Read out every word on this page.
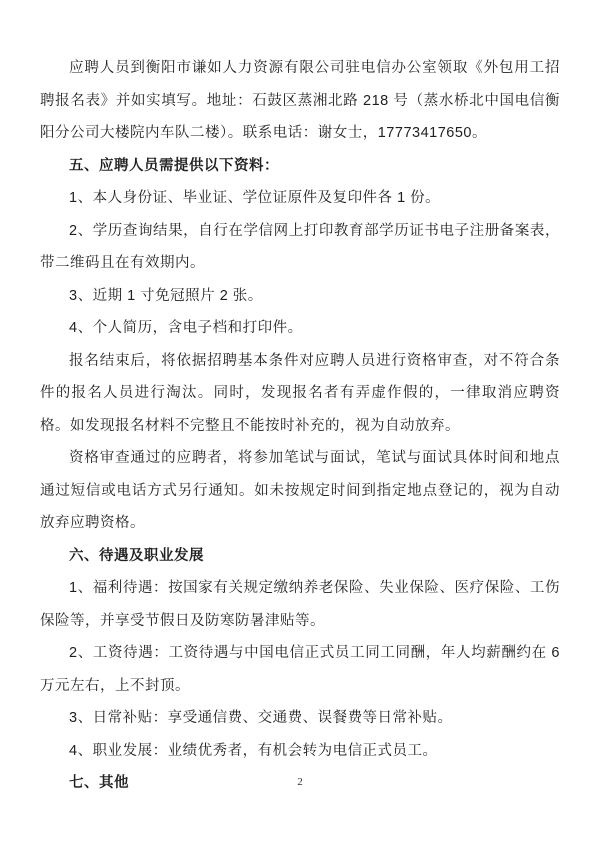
应聘人员到衡阳市谦如人力资源有限公司驻电信办公室领取《外包用工招聘报名表》并如实填写。地址：石鼓区蒸湘北路 218 号（蒸水桥北中国电信衡阳分公司大楼院内车队二楼）。联系电话：谢女士，17773417650。

五、应聘人员需提供以下资料：

1、本人身份证、毕业证、学位证原件及复印件各 1 份。

2、学历查询结果，自行在学信网上打印教育部学历证书电子注册备案表，带二维码且在有效期内。

3、近期 1 寸免冠照片 2 张。

4、个人简历，含电子档和打印件。

报名结束后，将依据招聘基本条件对应聘人员进行资格审查，对不符合条件的报名人员进行淘汰。同时，发现报名者有弄虚作假的，一律取消应聘资格。如发现报名材料不完整且不能按时补充的，视为自动放弃。

资格审查通过的应聘者，将参加笔试与面试，笔试与面试具体时间和地点通过短信或电话方式另行通知。如未按规定时间到指定地点登记的，视为自动放弃应聘资格。

六、待遇及职业发展

1、福利待遇：按国家有关规定缴纳养老保险、失业保险、医疗保险、工伤保险等，并享受节假日及防寒防暑津贴等。

2、工资待遇：工资待遇与中国电信正式员工同工同酬，年人均薪酬约在 6 万元左右，上不封顶。

3、日常补贴：享受通信费、交通费、误餐费等日常补贴。

4、职业发展：业绩优秀者，有机会转为电信正式员工。

七、其他	2
